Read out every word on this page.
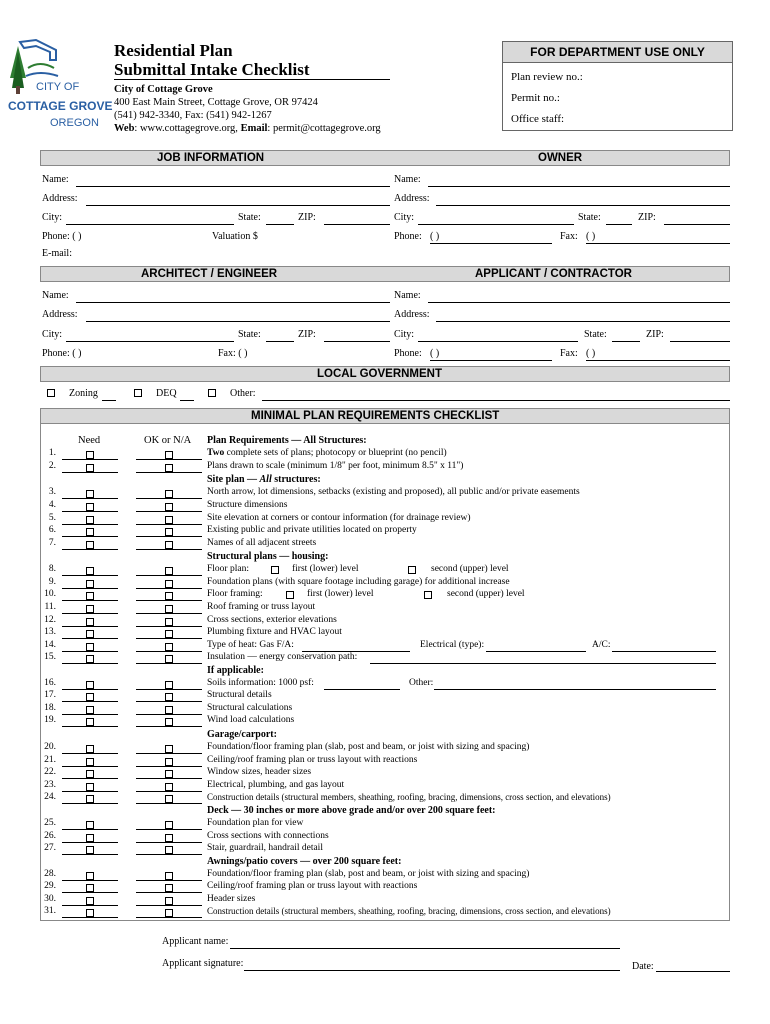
CITY OF
COTTAGE GROVE
OREGON
Residential Plan
Submittal Intake Checklist
City of Cottage Grove
400 East Main Street, Cottage Grove, OR 97424
(541) 942-3340, Fax: (541) 942-1267
Web: www.cottagegrove.org, Email: permit@cottagegrove.org
FOR DEPARTMENT USE ONLY
Plan review no.:
Permit no.:
Office staff:
JOB INFORMATION	OWNER
Name:	Name:
Address:	Address:
City:	State:	ZIP:	City:	State:	ZIP:
Phone: ( )	Valuation $	Phone: ( )	Fax: ( )
E-mail:
ARCHITECT / ENGINEER	APPLICANT / CONTRACTOR
Name:	Name:
Address:	Address:
City:	State:	ZIP:	City:	State:	ZIP:
Phone: ( )	Fax: ( )	Phone: ( )	Fax: ( )
LOCAL GOVERNMENT
Zoning	DEQ	Other:
MINIMAL PLAN REQUIREMENTS CHECKLIST
Need	OK or N/A Plan Requirements — All Structures:
1.	Two complete sets of plans; photocopy or blueprint (no pencil)
2.	Plans drawn to scale (minimum 1/8" per foot, minimum 8.5" x 11")
Site plan — All structures:
3.	North arrow, lot dimensions, setbacks (existing and proposed), all public and/or private easements
4.	Structure dimensions
5.	Site elevation at corners or contour information (for drainage review)
6.	Existing public and private utilities located on property
7.	Names of all adjacent streets
Structural plans — housing:
8.	Floor plan:	first (lower) level	second (upper) level
9.	Foundation plans (with square footage including garage) for additional increase
10.	Floor framing:	first (lower) level	second (upper) level
11.	Roof framing or truss layout
12.	Cross sections, exterior elevations
13.	Plumbing fixture and HVAC layout
14.	Type of heat: Gas F/A:	Electrical (type):	A/C:
15.	Insulation — energy conservation path:
If applicable:
16.	Soils information: 1000 psf:	Other:
17.	Structural details
18.	Structural calculations
19.	Wind load calculations
Garage/carport:
20.	Foundation/floor framing plan (slab, post and beam, or joist with sizing and spacing)
21.	Ceiling/roof framing plan or truss layout with reactions
22.	Window sizes, header sizes
23.	Electrical, plumbing, and gas layout
24.	Construction details (structural members, sheathing, roofing, bracing, dimensions, cross section, and elevations)
Deck — 30 inches or more above grade and/or over 200 square feet:
25.	Foundation plan for view
26.	Cross sections with connections
27.	Stair, guardrail, handrail detail
Awnings/patio covers — over 200 square feet:
28.	Foundation/floor framing plan (slab, post and beam, or joist with sizing and spacing)
29.	Ceiling/roof framing plan or truss layout with reactions
30.	Header sizes
31.	Construction details (structural members, sheathing, roofing, bracing, dimensions, cross section, and elevations)
Applicant name:
Applicant signature:	Date:
